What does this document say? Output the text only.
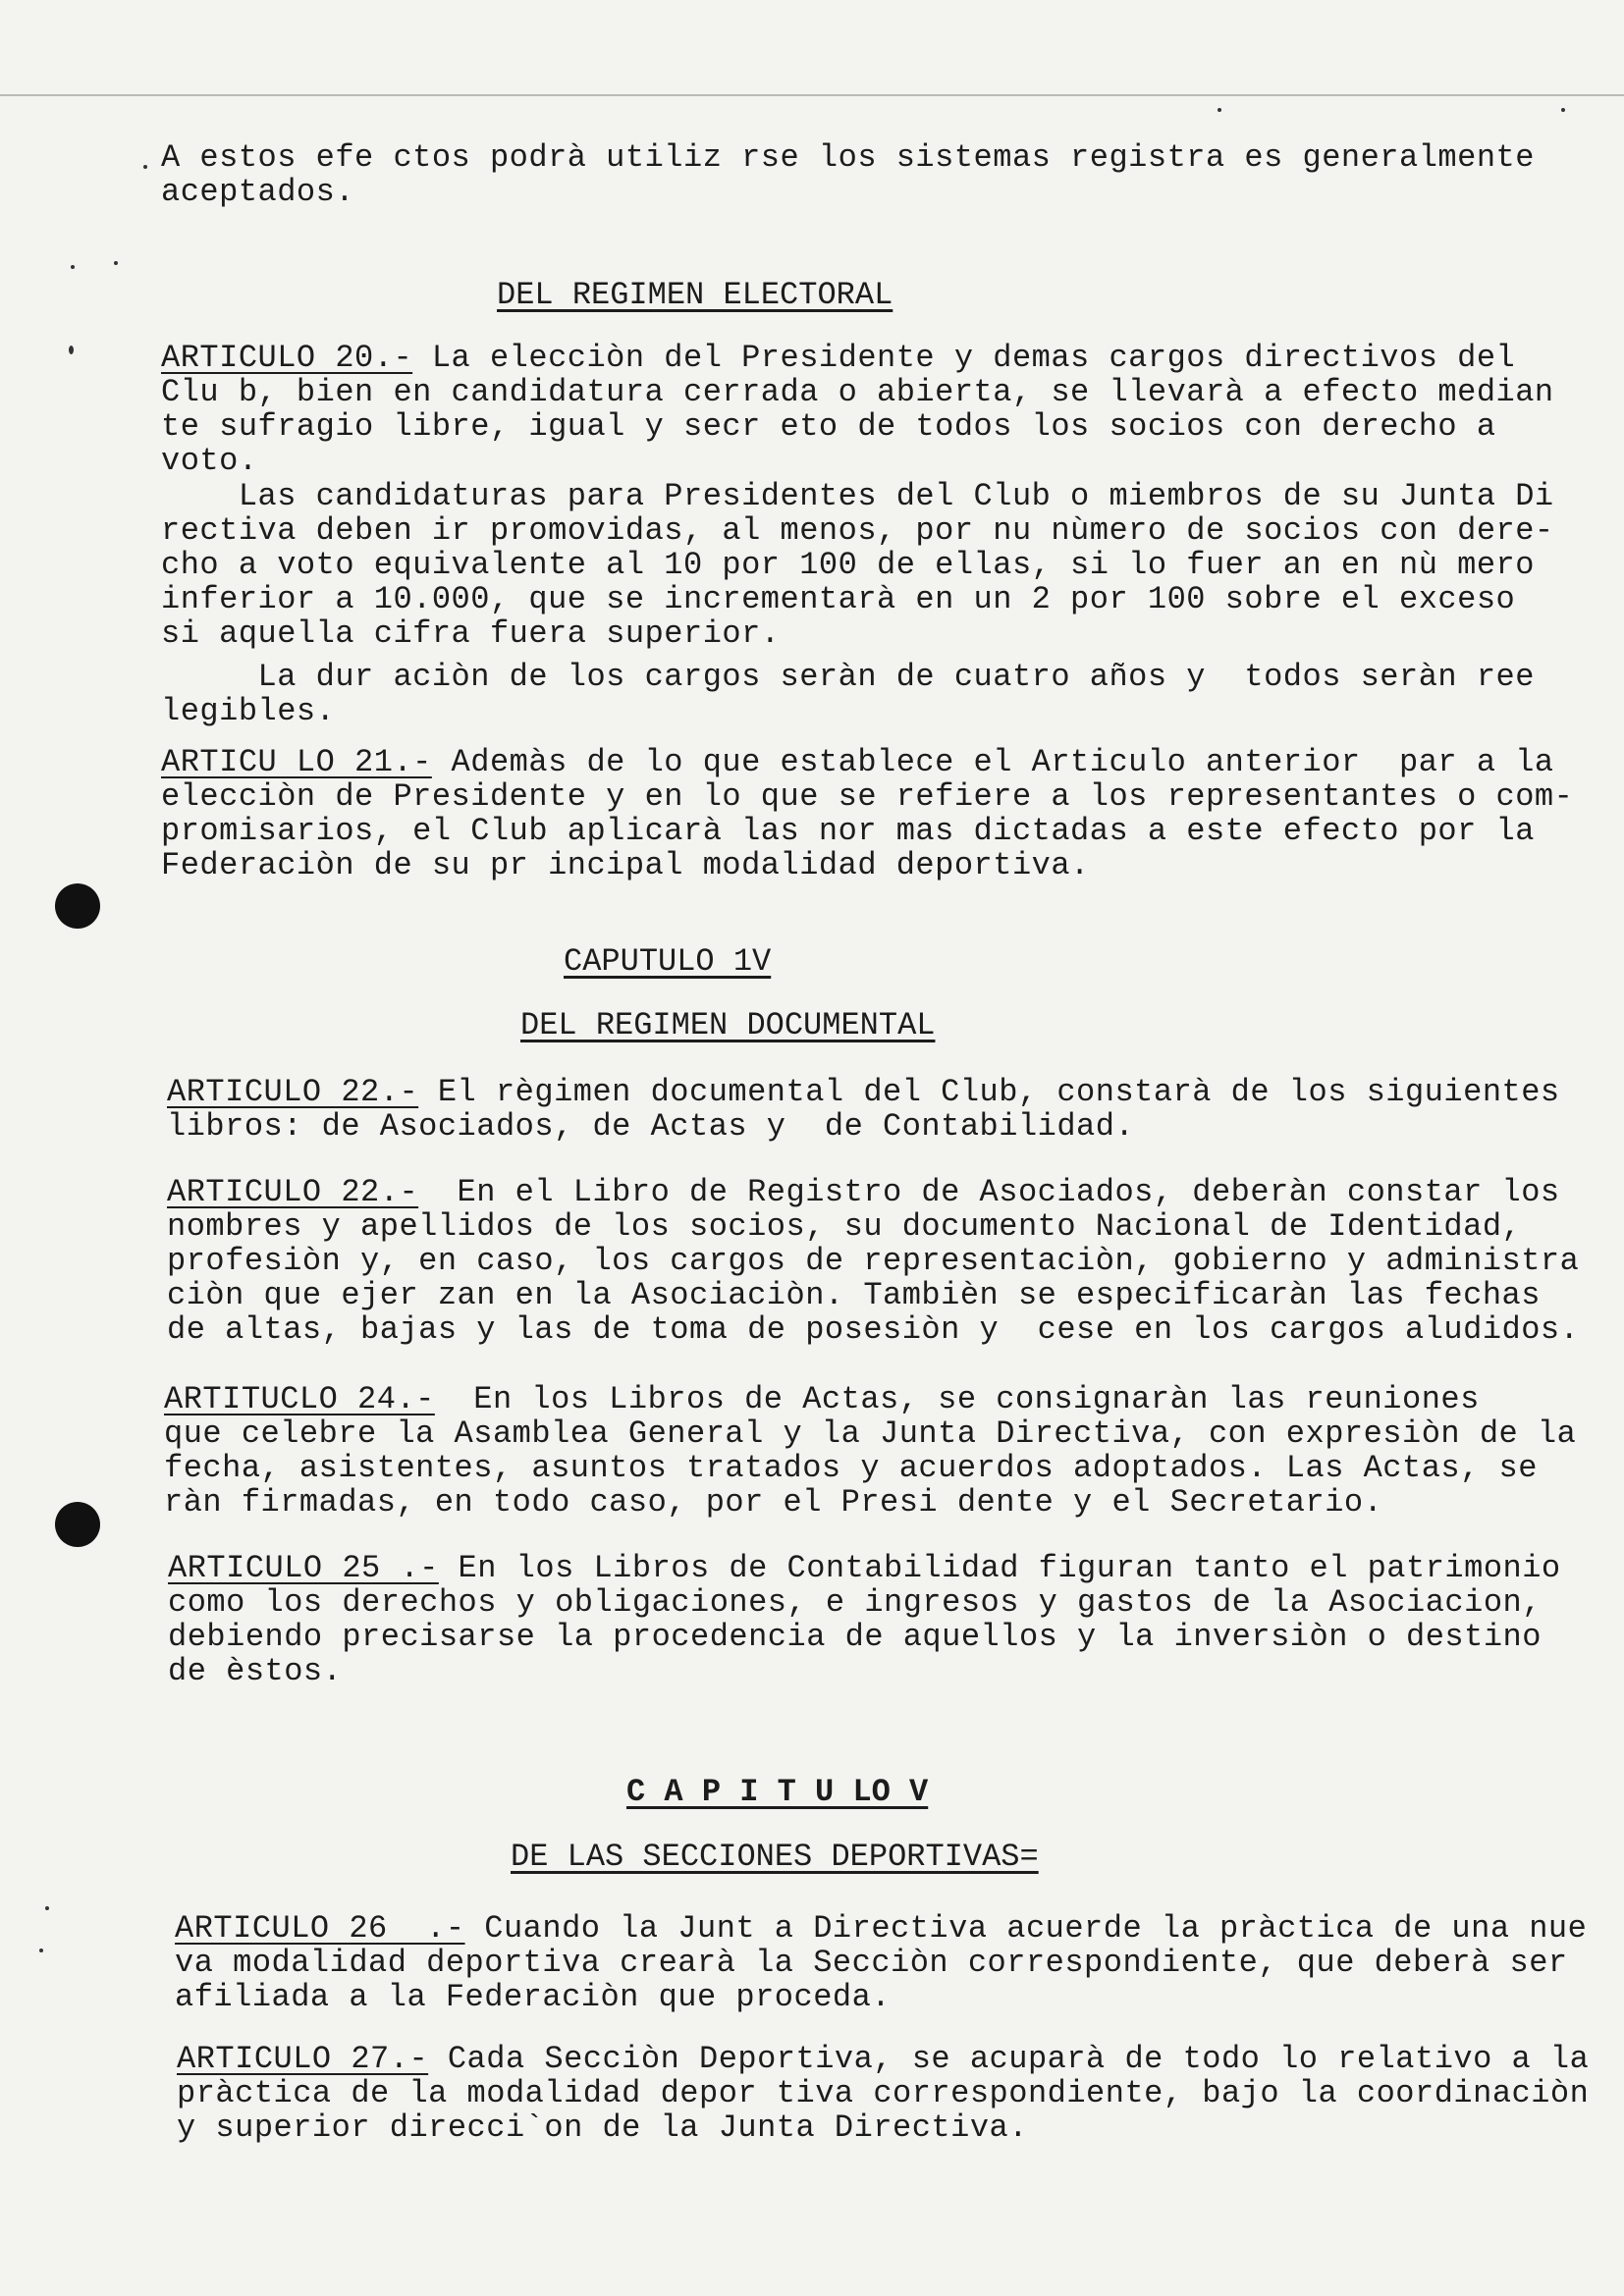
A estos efe ctos podrà utiliz rse los sistemas registra es generalmente
aceptados.

DEL REGIMEN ELECTORAL

ARTICULO 20.- La elecciòn del Presidente y demas cargos directivos del
Clu b, bien en candidatura cerrada o abierta, se llevarà a efecto median
te sufragio libre, igual y secr eto de todos los socios con derecho a
voto.

Las candidaturas para Presidentes del Club o miembros de su Junta Di
rectiva deben ir promovidas, al menos, por nu nùmero de socios con dere-
cho a voto equivalente al 10 por 100 de ellas, si lo fuer an en nù mero
inferior a 10.000, que se incrementarà en un 2 por 100 sobre el exceso
si aquella cifra fuera superior.

La dur aciòn de los cargos seràn de cuatro años y  todos seràn ree
legibles.

ARTICU LO 21.- Ademàs de lo que establece el Articulo anterior  par a la
elecciòn de Presidente y en lo que se refiere a los representantes o com-
promisarios, el Club aplicarà las nor mas dictadas a este efecto por la
Federaciòn de su pr incipal modalidad deportiva.

CAPUTULO 1V
DEL REGIMEN DOCUMENTAL

ARTICULO 22.- El règimen documental del Club, constarà de los siguientes
libros: de Asociados, de Actas y  de Contabilidad.

ARTICULO 22.-  En el Libro de Registro de Asociados, deberàn constar los
nombres y apellidos de los socios, su documento Nacional de Identidad,
profesiòn y, en caso, los cargos de representaciòn, gobierno y administra
ciòn que ejer zan en la Asociaciòn. Tambièn se especificaràn las fechas
de altas, bajas y las de toma de posesiòn y  cese en los cargos aludidos.

ARTITUCLO 24.-  En los Libros de Actas, se consignaràn las reuniones
que celebre la Asamblea General y la Junta Directiva, con expresiòn de la
fecha, asistentes, asuntos tratados y acuerdos adoptados. Las Actas, se
ràn firmadas, en todo caso, por el Presi dente y el Secretario.

ARTICULO 25 .- En los Libros de Contabilidad figuran tanto el patrimonio
como los derechos y obligaciones, e ingresos y gastos de la Asociacion,
debiendo precisarse la procedencia de aquellos y la inversiòn o destino
de èstos.

C A P I T U LO V
DE LAS SECCIONES DEPORTIVAS=

ARTICULO 26  .- Cuando la Junt a Directiva acuerde la pràctica de una nue
va modalidad deportiva crearà la Secciòn correspondiente, que deberà ser
afiliada a la Federaciòn que proceda.

ARTICULO 27.- Cada Secciòn Deportiva, se acuparà de todo lo relativo a la
pràctica de la modalidad depor tiva correspondiente, bajo la coordinaciòn
y superior direcci`on de la Junta Directiva.
